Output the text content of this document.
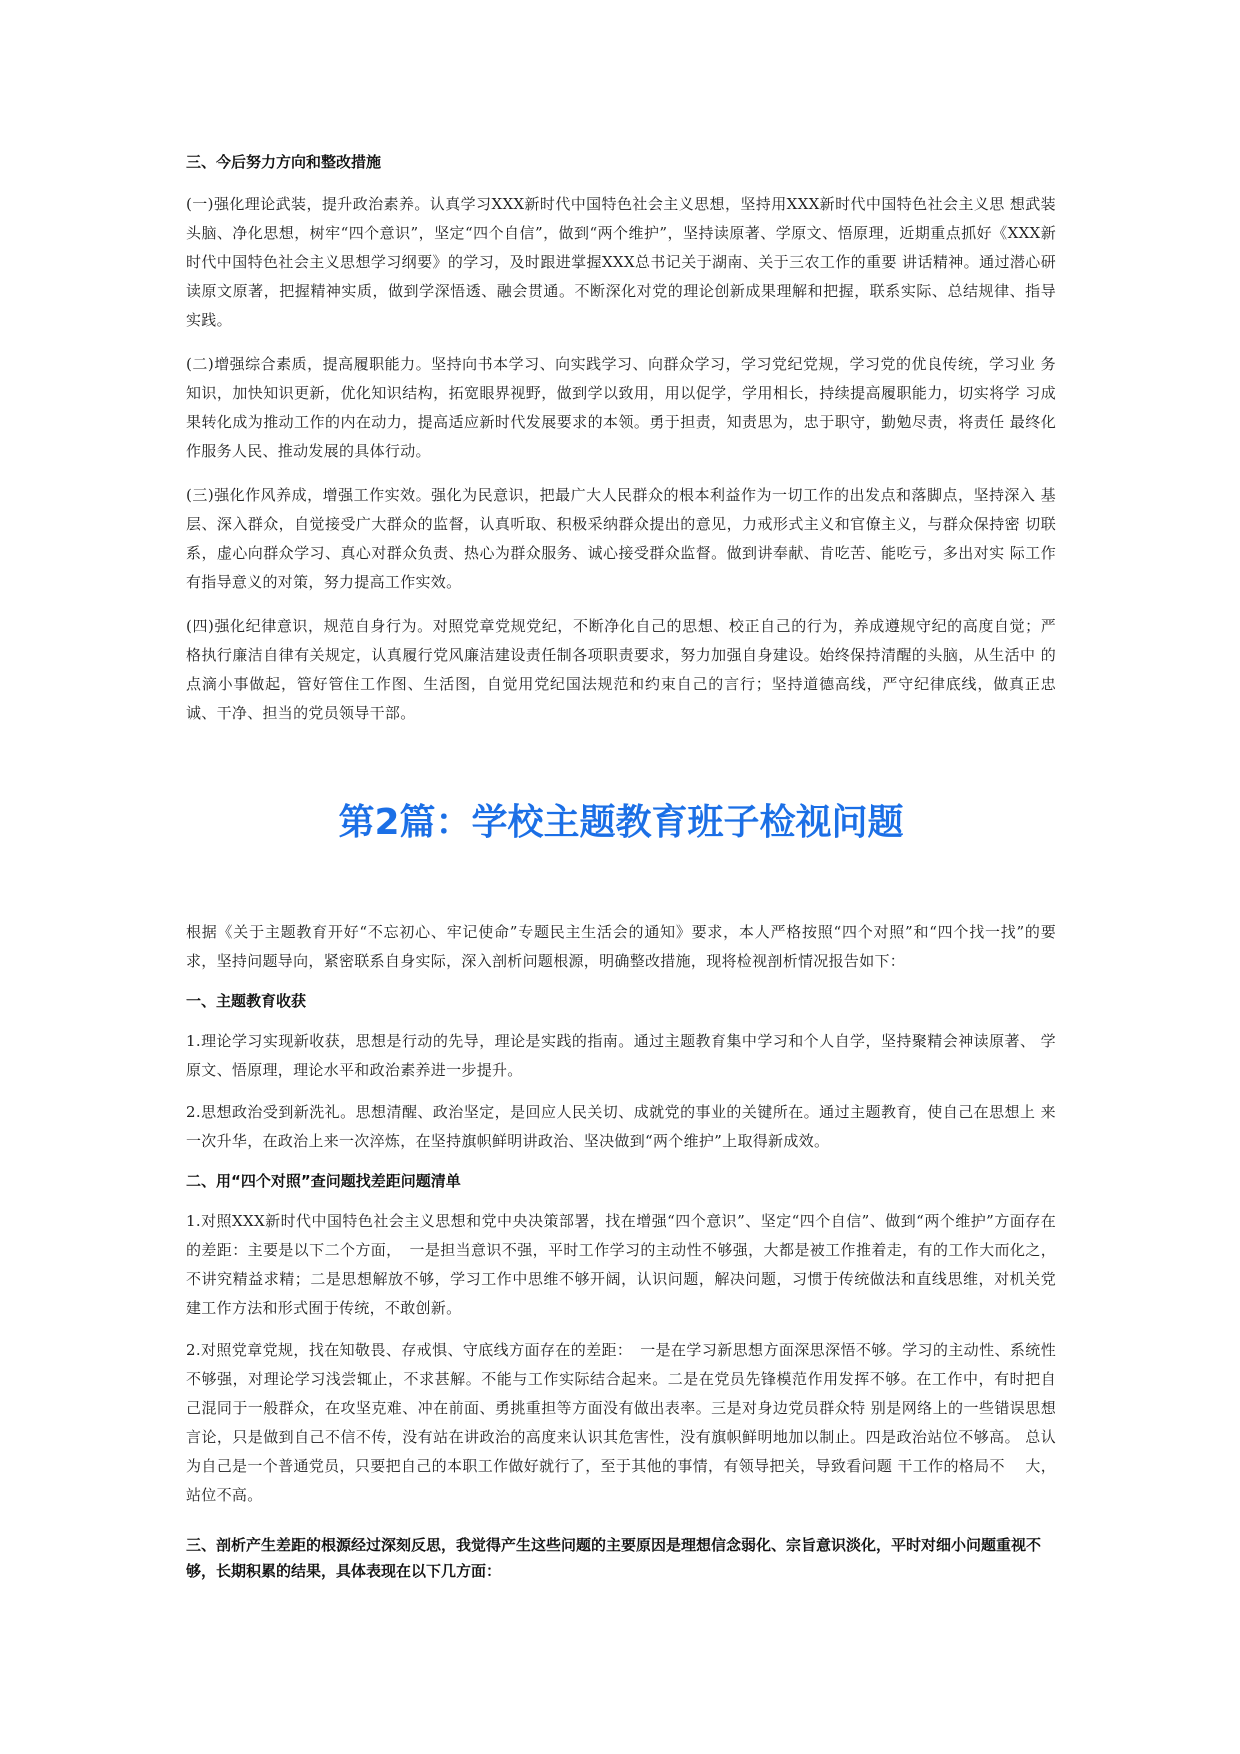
三、今后努力方向和整改措施

(一)强化理论武装，提升政治素养。认真学习XXX新时代中国特色社会主义思想，坚持用XXX新时代中国特色社会主义思 想武装头脑、净化思想，树牢“四个意识”，坚定“四个自信”，做到“两个维护”，坚持读原著、学原文、悟原理，近期重点抓好《XXX新时代中国特色社会主义思想学习纲要》的学习，及时跟进掌握XXX总书记关于湖南、关于三农工作的重要 讲话精神。通过潜心研读原文原著，把握精神实质，做到学深悟透、融会贯通。不断深化对党的理论创新成果理解和把握，联系实际、总结规律、指导实践。

(二)增强综合素质，提高履职能力。坚持向书本学习、向实践学习、向群众学习，学习党纪党规，学习党的优良传统，学习业 务知识，加快知识更新，优化知识结构，拓宽眼界视野，做到学以致用，用以促学，学用相长，持续提高履职能力，切实将学 习成果转化成为推动工作的内在动力，提高适应新时代发展要求的本领。勇于担责，知责思为，忠于职守，勤勉尽责，将责任 最终化作服务人民、推动发展的具体行动。

(三)强化作风养成，增强工作实效。强化为民意识，把最广大人民群众的根本利益作为一切工作的出发点和落脚点，坚持深入 基层、深入群众，自觉接受广大群众的监督，认真听取、积极采纳群众提出的意见，力戒形式主义和官僚主义，与群众保持密 切联系，虚心向群众学习、真心对群众负责、热心为群众服务、诚心接受群众监督。做到讲奉献、肯吃苦、能吃亏，多出对实 际工作有指导意义的对策，努力提高工作实效。

(四)强化纪律意识，规范自身行为。对照党章党规党纪，不断净化自己的思想、校正自己的行为，养成遵规守纪的高度自觉；严 格执行廉洁自律有关规定，认真履行党风廉洁建设责任制各项职责要求，努力加强自身建设。始终保持清醒的头脑，从生活中 的点滴小事做起，管好管住工作图、生活图，自觉用党纪国法规范和约束自己的言行；坚持道德高线，严守纪律底线，做真正忠 诚、干净、担当的党员领导干部。

第2篇：学校主题教育班子检视问题

根据《关于主题教育开好“不忘初心、牢记使命”专题民主生活会的通知》要求，本人严格按照“四个对照”和“四个找一找”的要求，坚持问题导向，紧密联系自身实际，深入剖析问题根源，明确整改措施，现将检视剖析情况报告如下：

一、主题教育收获

1.理论学习实现新收获，思想是行动的先导，理论是实践的指南。通过主题教育集中学习和个人自学，坚持聚精会神读原著、 学原文、悟原理，理论水平和政治素养进一步提升。

2.思想政治受到新洗礼。思想清醒、政治坚定，是回应人民关切、成就党的事业的关键所在。通过主题教育，使自己在思想上 来一次升华，在政治上来一次淬炼，在坚持旗帜鲜明讲政治、坚决做到“两个维护”上取得新成效。

二、用“四个对照”查问题找差距问题清单

1.对照XXX新时代中国特色社会主义思想和党中央决策部署，找在增强“四个意识”、坚定“四个自信”、做到“两个维护”方面存在的差距：主要是以下二个方面，　一是担当意识不强，平时工作学习的主动性不够强，大都是被工作推着走，有的工作大而化之，不讲究精益求精；二是思想解放不够，学习工作中思维不够开阔，认识问题，解决问题，习惯于传统做法和直线思维，对机关党建工作方法和形式囿于传统，不敢创新。

2.对照党章党规，找在知敬畏、存戒惧、守底线方面存在的差距：　一是在学习新思想方面深思深悟不够。学习的主动性、系统性不够强，对理论学习浅尝辄止，不求甚解。不能与工作实际结合起来。二是在党员先锋模范作用发挥不够。在工作中，有时把自己混同于一般群众，在攻坚克难、冲在前面、勇挑重担等方面没有做出表率。三是对身边党员群众特 别是网络上的一些错误思想言论，只是做到自己不信不传，没有站在讲政治的高度来认识其危害性，没有旗帜鲜明地加以制止。四是政治站位不够高。 总认为自己是一个普通党员，只要把自己的本职工作做好就行了，至于其他的事情，有领导把关，导致看问题 干工作的格局不　 大，站位不高。

三、剖析产生差距的根源经过深刻反思，我觉得产生这些问题的主要原因是理想信念弱化、宗旨意识淡化，平时对细小问题重视不够，长期积累的结果，具体表现在以下几方面：
